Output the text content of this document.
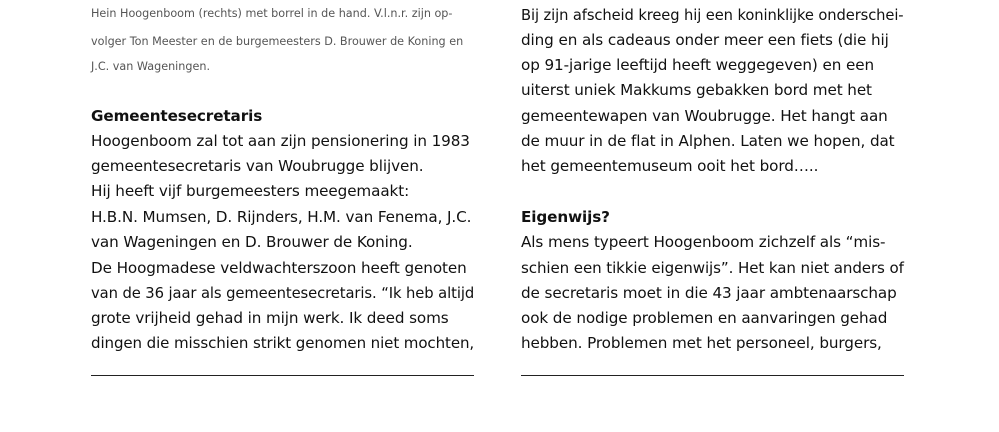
Hein Hoogenboom (rechts) met borrel in de hand. V.l.n.r. zijn op-
volger Ton Meester en de burgemeesters D. Brouwer de Koning en
J.C. van Wageningen.
Gemeentesecretaris
Hoogenboom zal tot aan zijn pensionering in 1983
gemeentesecretaris van Woubrugge blijven.
Hij heeft vijf burgemeesters meegemaakt:
H.B.N. Mumsen, D. Rijnders, H.M. van Fenema, J.C.
van Wageningen en D. Brouwer de Koning.
De Hoogmadese veldwachterszoon heeft genoten
van de 36 jaar als gemeentesecretaris. “Ik heb altijd
grote vrijheid gehad in mijn werk. Ik deed soms
dingen die misschien strikt genomen niet mochten,
Bij zijn afscheid kreeg hij een koninklijke onderschei-
ding en als cadeaus onder meer een fiets (die hij
op 91-jarige leeftijd heeft weggegeven) en een
uiterst uniek Makkums gebakken bord met het
gemeentewapen van Woubrugge. Het hangt aan
de muur in de flat in Alphen. Laten we hopen, dat
het gemeentemuseum ooit het bord…..
Eigenwijs?
Als mens typeert Hoogenboom zichzelf als “mis-
schien een tikkie eigenwijs”. Het kan niet anders of
de secretaris moet in die 43 jaar ambtenaarschap
ook de nodige problemen en aanvaringen gehad
hebben. Problemen met het personeel, burgers,
